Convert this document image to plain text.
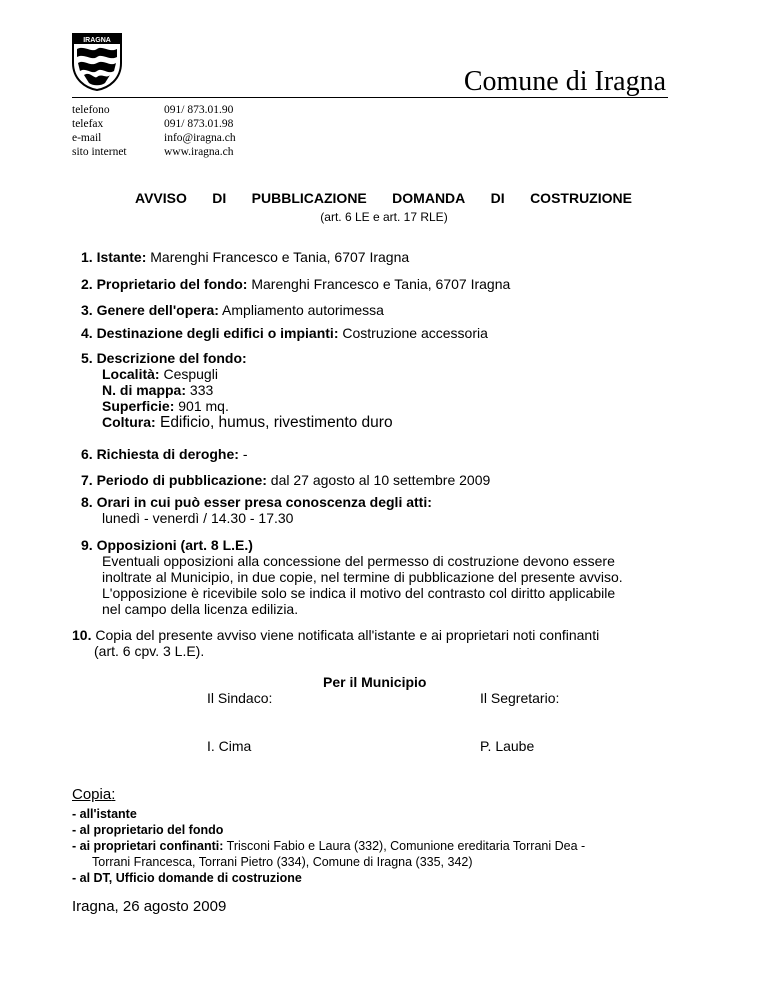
IRAGNA
Comune di Iragna
telefono	091/ 873.01.90
telefax	091/ 873.01.98
e-mail	info@iragna.ch
sito internet	www.iragna.ch
AVVISO DI PUBBLICAZIONE DOMANDA DI COSTRUZIONE
(art. 6 LE e art. 17 RLE)
1. Istante: Marenghi Francesco e Tania, 6707 Iragna
2. Proprietario del fondo: Marenghi Francesco e Tania, 6707 Iragna
3. Genere dell'opera: Ampliamento autorimessa
4. Destinazione degli edifici o impianti: Costruzione accessoria
5. Descrizione del fondo:
Località: Cespugli
N. di mappa: 333
Superficie: 901 mq.
Coltura: Edificio, humus, rivestimento duro
6. Richiesta di deroghe: -
7. Periodo di pubblicazione: dal 27 agosto al 10 settembre 2009
8. Orari in cui può esser presa conoscenza degli atti:
lunedì - venerdì / 14.30 - 17.30
9. Opposizioni (art. 8 L.E.)
Eventuali opposizioni alla concessione del permesso di costruzione devono essere
inoltrate al Municipio, in due copie, nel termine di pubblicazione del presente avviso.
L'opposizione è ricevibile solo se indica il motivo del contrasto col diritto applicabile
nel campo della licenza edilizia.
10. Copia del presente avviso viene notificata all'istante e ai proprietari noti confinanti
(art. 6 cpv. 3 L.E).
Per il Municipio
Il Sindaco:	Il Segretario:
I. Cima	P. Laube
Copia:
- all'istante
- al proprietario del fondo
- ai proprietari confinanti: Trisconi Fabio e Laura (332), Comunione ereditaria Torrani Dea -
Torrani Francesca, Torrani Pietro (334), Comune di Iragna (335, 342)
- al DT, Ufficio domande di costruzione
Iragna, 26 agosto 2009
